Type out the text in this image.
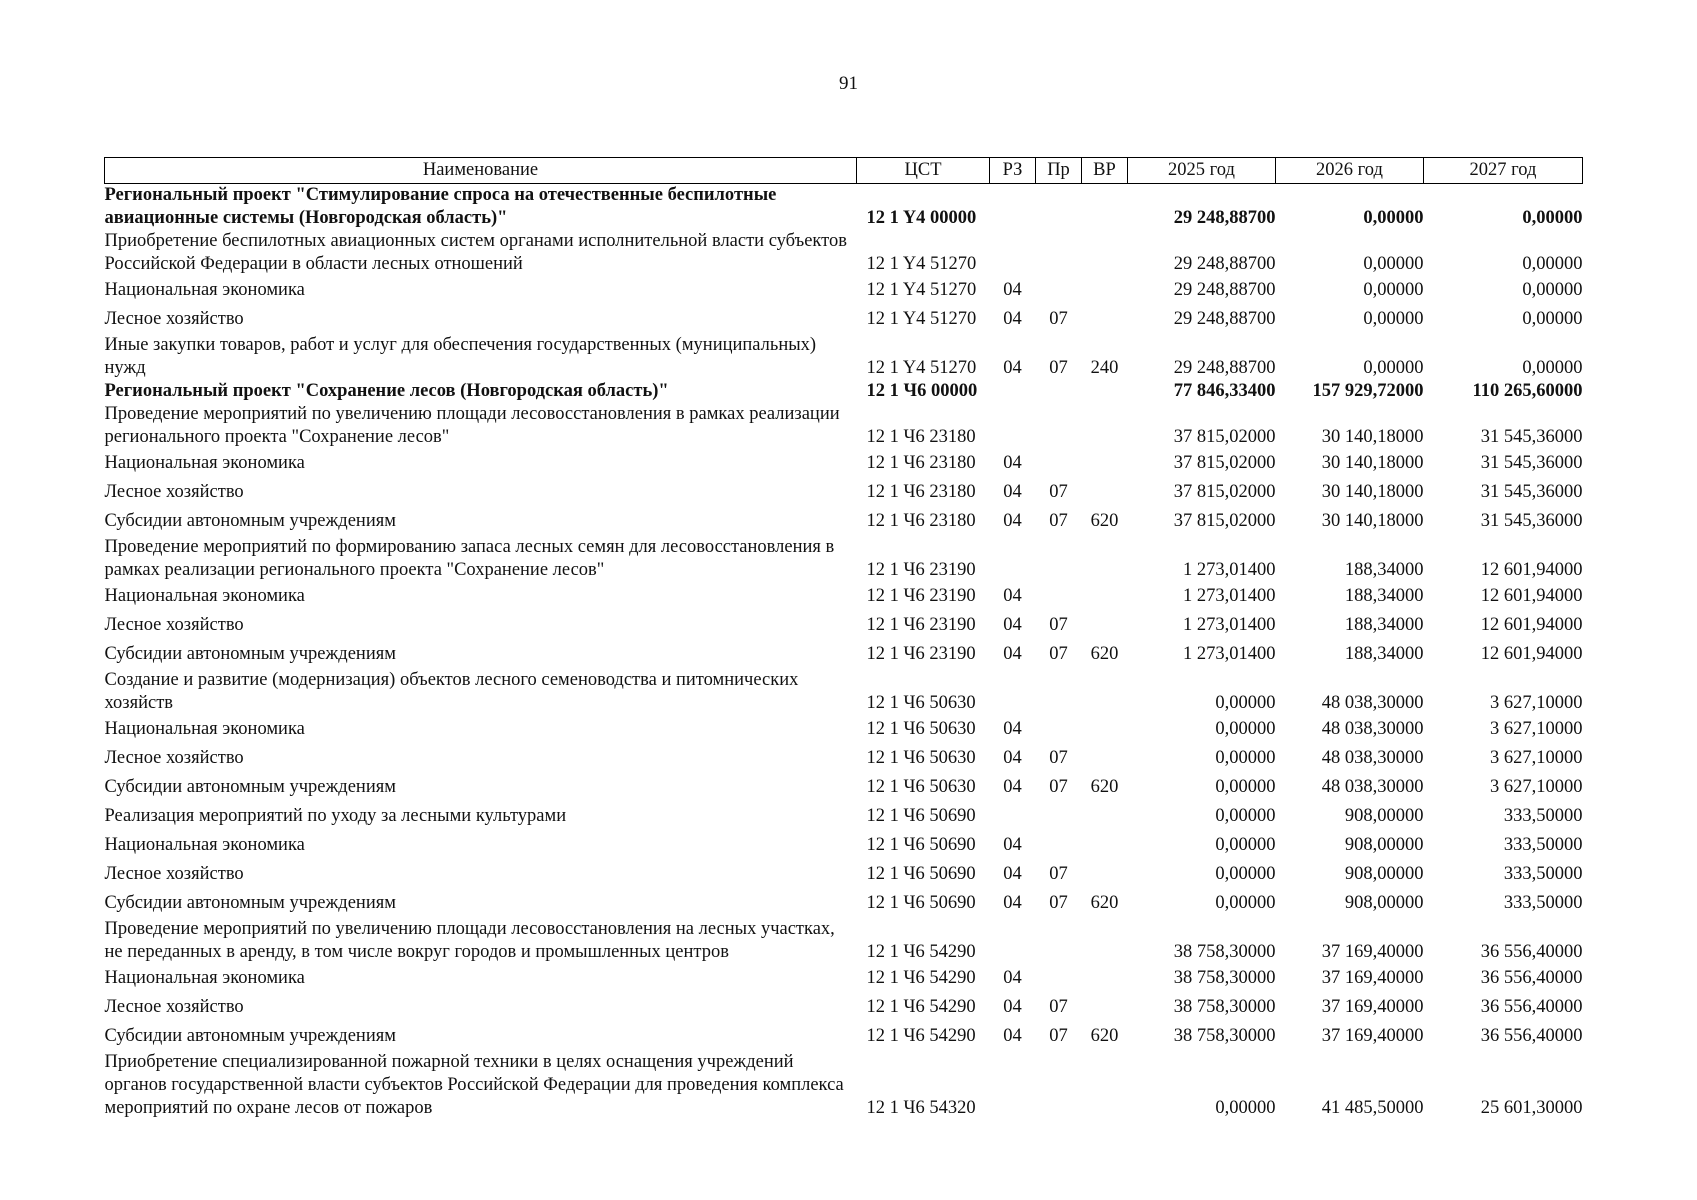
91
Наименование	ЦСТ	РЗ	Пр	ВР	2025 год	2026 год	2027 год
Региональный проект "Стимулирование спроса на отечественные беспилотные авиационные системы (Новгородская область)"	12 1 Y4 00000				29 248,88700	0,00000	0,00000
Приобретение беспилотных авиационных систем органами исполнительной власти субъектов Российской Федерации в области лесных отношений	12 1 Y4 51270				29 248,88700	0,00000	0,00000
Национальная экономика	12 1 Y4 51270	04			29 248,88700	0,00000	0,00000
Лесное хозяйство	12 1 Y4 51270	04	07		29 248,88700	0,00000	0,00000
Иные закупки товаров, работ и услуг для обеспечения государственных (муниципальных) нужд	12 1 Y4 51270	04	07	240	29 248,88700	0,00000	0,00000
Региональный проект "Сохранение лесов (Новгородская область)"	12 1 Ч6 00000				77 846,33400	157 929,72000	110 265,60000
Проведение мероприятий по увеличению площади лесовосстановления в рамках реализации регионального проекта "Сохранение лесов"	12 1 Ч6 23180				37 815,02000	30 140,18000	31 545,36000
Национальная экономика	12 1 Ч6 23180	04			37 815,02000	30 140,18000	31 545,36000
Лесное хозяйство	12 1 Ч6 23180	04	07		37 815,02000	30 140,18000	31 545,36000
Субсидии автономным учреждениям	12 1 Ч6 23180	04	07	620	37 815,02000	30 140,18000	31 545,36000
Проведение мероприятий по формированию запаса лесных семян для лесовосстановления в рамках реализации регионального проекта "Сохранение лесов"	12 1 Ч6 23190				1 273,01400	188,34000	12 601,94000
Национальная экономика	12 1 Ч6 23190	04			1 273,01400	188,34000	12 601,94000
Лесное хозяйство	12 1 Ч6 23190	04	07		1 273,01400	188,34000	12 601,94000
Субсидии автономным учреждениям	12 1 Ч6 23190	04	07	620	1 273,01400	188,34000	12 601,94000
Создание и развитие (модернизация) объектов лесного семеноводства и питомнических хозяйств	12 1 Ч6 50630				0,00000	48 038,30000	3 627,10000
Национальная экономика	12 1 Ч6 50630	04			0,00000	48 038,30000	3 627,10000
Лесное хозяйство	12 1 Ч6 50630	04	07		0,00000	48 038,30000	3 627,10000
Субсидии автономным учреждениям	12 1 Ч6 50630	04	07	620	0,00000	48 038,30000	3 627,10000
Реализация мероприятий по уходу за лесными культурами	12 1 Ч6 50690				0,00000	908,00000	333,50000
Национальная экономика	12 1 Ч6 50690	04			0,00000	908,00000	333,50000
Лесное хозяйство	12 1 Ч6 50690	04	07		0,00000	908,00000	333,50000
Субсидии автономным учреждениям	12 1 Ч6 50690	04	07	620	0,00000	908,00000	333,50000
Проведение мероприятий по увеличению площади лесовосстановления на лесных участках, не переданных в аренду, в том числе вокруг городов и промышленных центров	12 1 Ч6 54290				38 758,30000	37 169,40000	36 556,40000
Национальная экономика	12 1 Ч6 54290	04			38 758,30000	37 169,40000	36 556,40000
Лесное хозяйство	12 1 Ч6 54290	04	07		38 758,30000	37 169,40000	36 556,40000
Субсидии автономным учреждениям	12 1 Ч6 54290	04	07	620	38 758,30000	37 169,40000	36 556,40000
Приобретение специализированной пожарной техники в целях оснащения учреждений органов государственной власти субъектов Российской Федерации для проведения комплекса мероприятий по охране лесов от пожаров	12 1 Ч6 54320				0,00000	41 485,50000	25 601,30000
